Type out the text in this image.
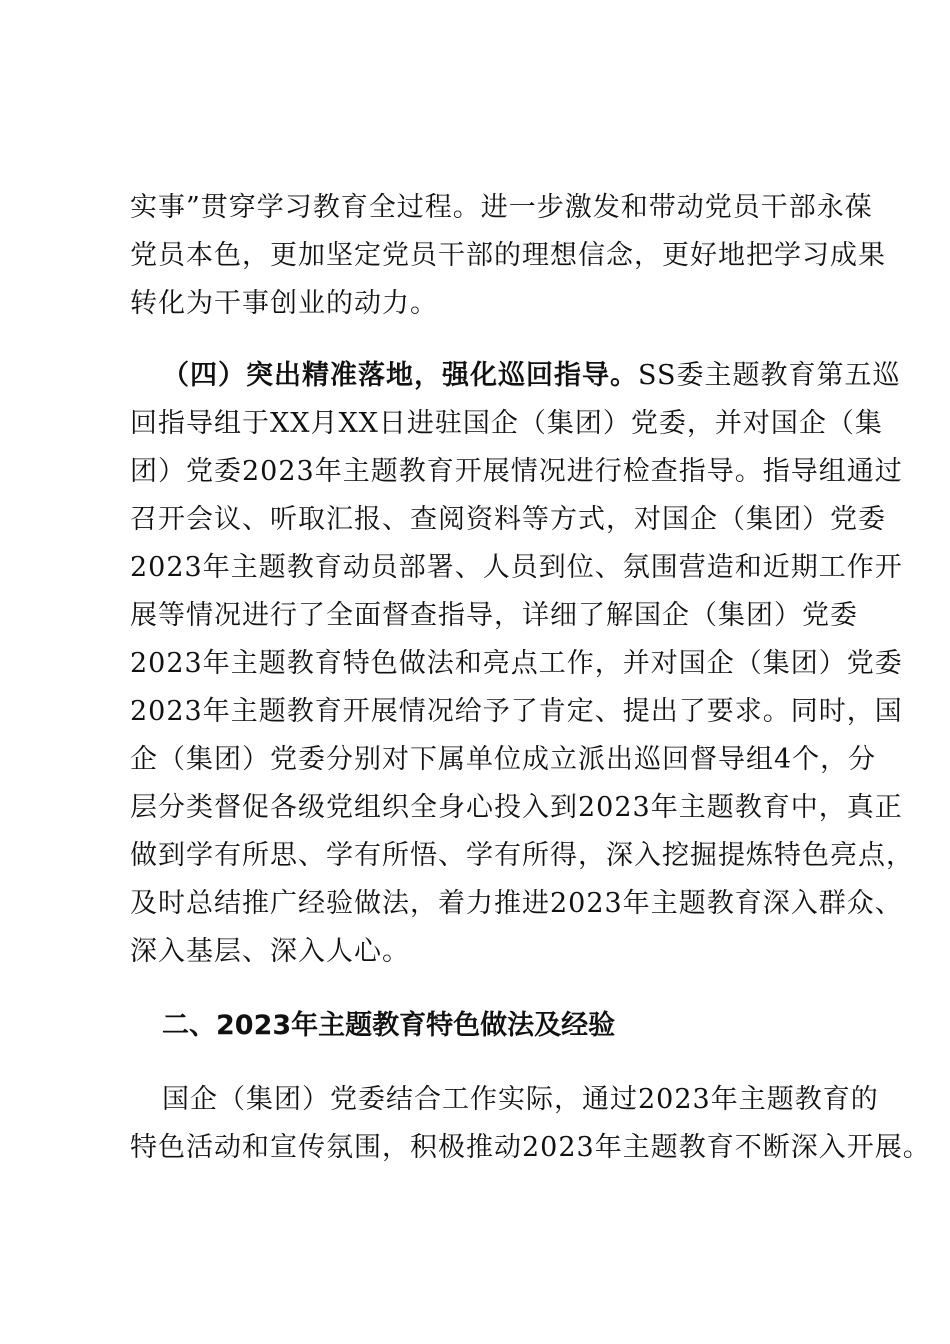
实事”贯穿学习教育全过程。进一步激发和带动党员干部永葆
党员本色，更加坚定党员干部的理想信念，更好地把学习成果
转化为干事创业的动力。
（四）突出精准落地，强化巡回指导。SS委主题教育第五巡
回指导组于XX月XX日进驻国企（集团）党委，并对国企（集
团）党委2023年主题教育开展情况进行检查指导。指导组通过
召开会议、听取汇报、查阅资料等方式，对国企（集团）党委
2023年主题教育动员部署、人员到位、氛围营造和近期工作开
展等情况进行了全面督查指导，详细了解国企（集团）党委
2023年主题教育特色做法和亮点工作，并对国企（集团）党委
2023年主题教育开展情况给予了肯定、提出了要求。同时，国
企（集团）党委分别对下属单位成立派出巡回督导组4个，分
层分类督促各级党组织全身心投入到2023年主题教育中，真正
做到学有所思、学有所悟、学有所得，深入挖掘提炼特色亮点，
及时总结推广经验做法，着力推进2023年主题教育深入群众、
深入基层、深入人心。
二、2023年主题教育特色做法及经验
国企（集团）党委结合工作实际，通过2023年主题教育的
特色活动和宣传氛围，积极推动2023年主题教育不断深入开展。
